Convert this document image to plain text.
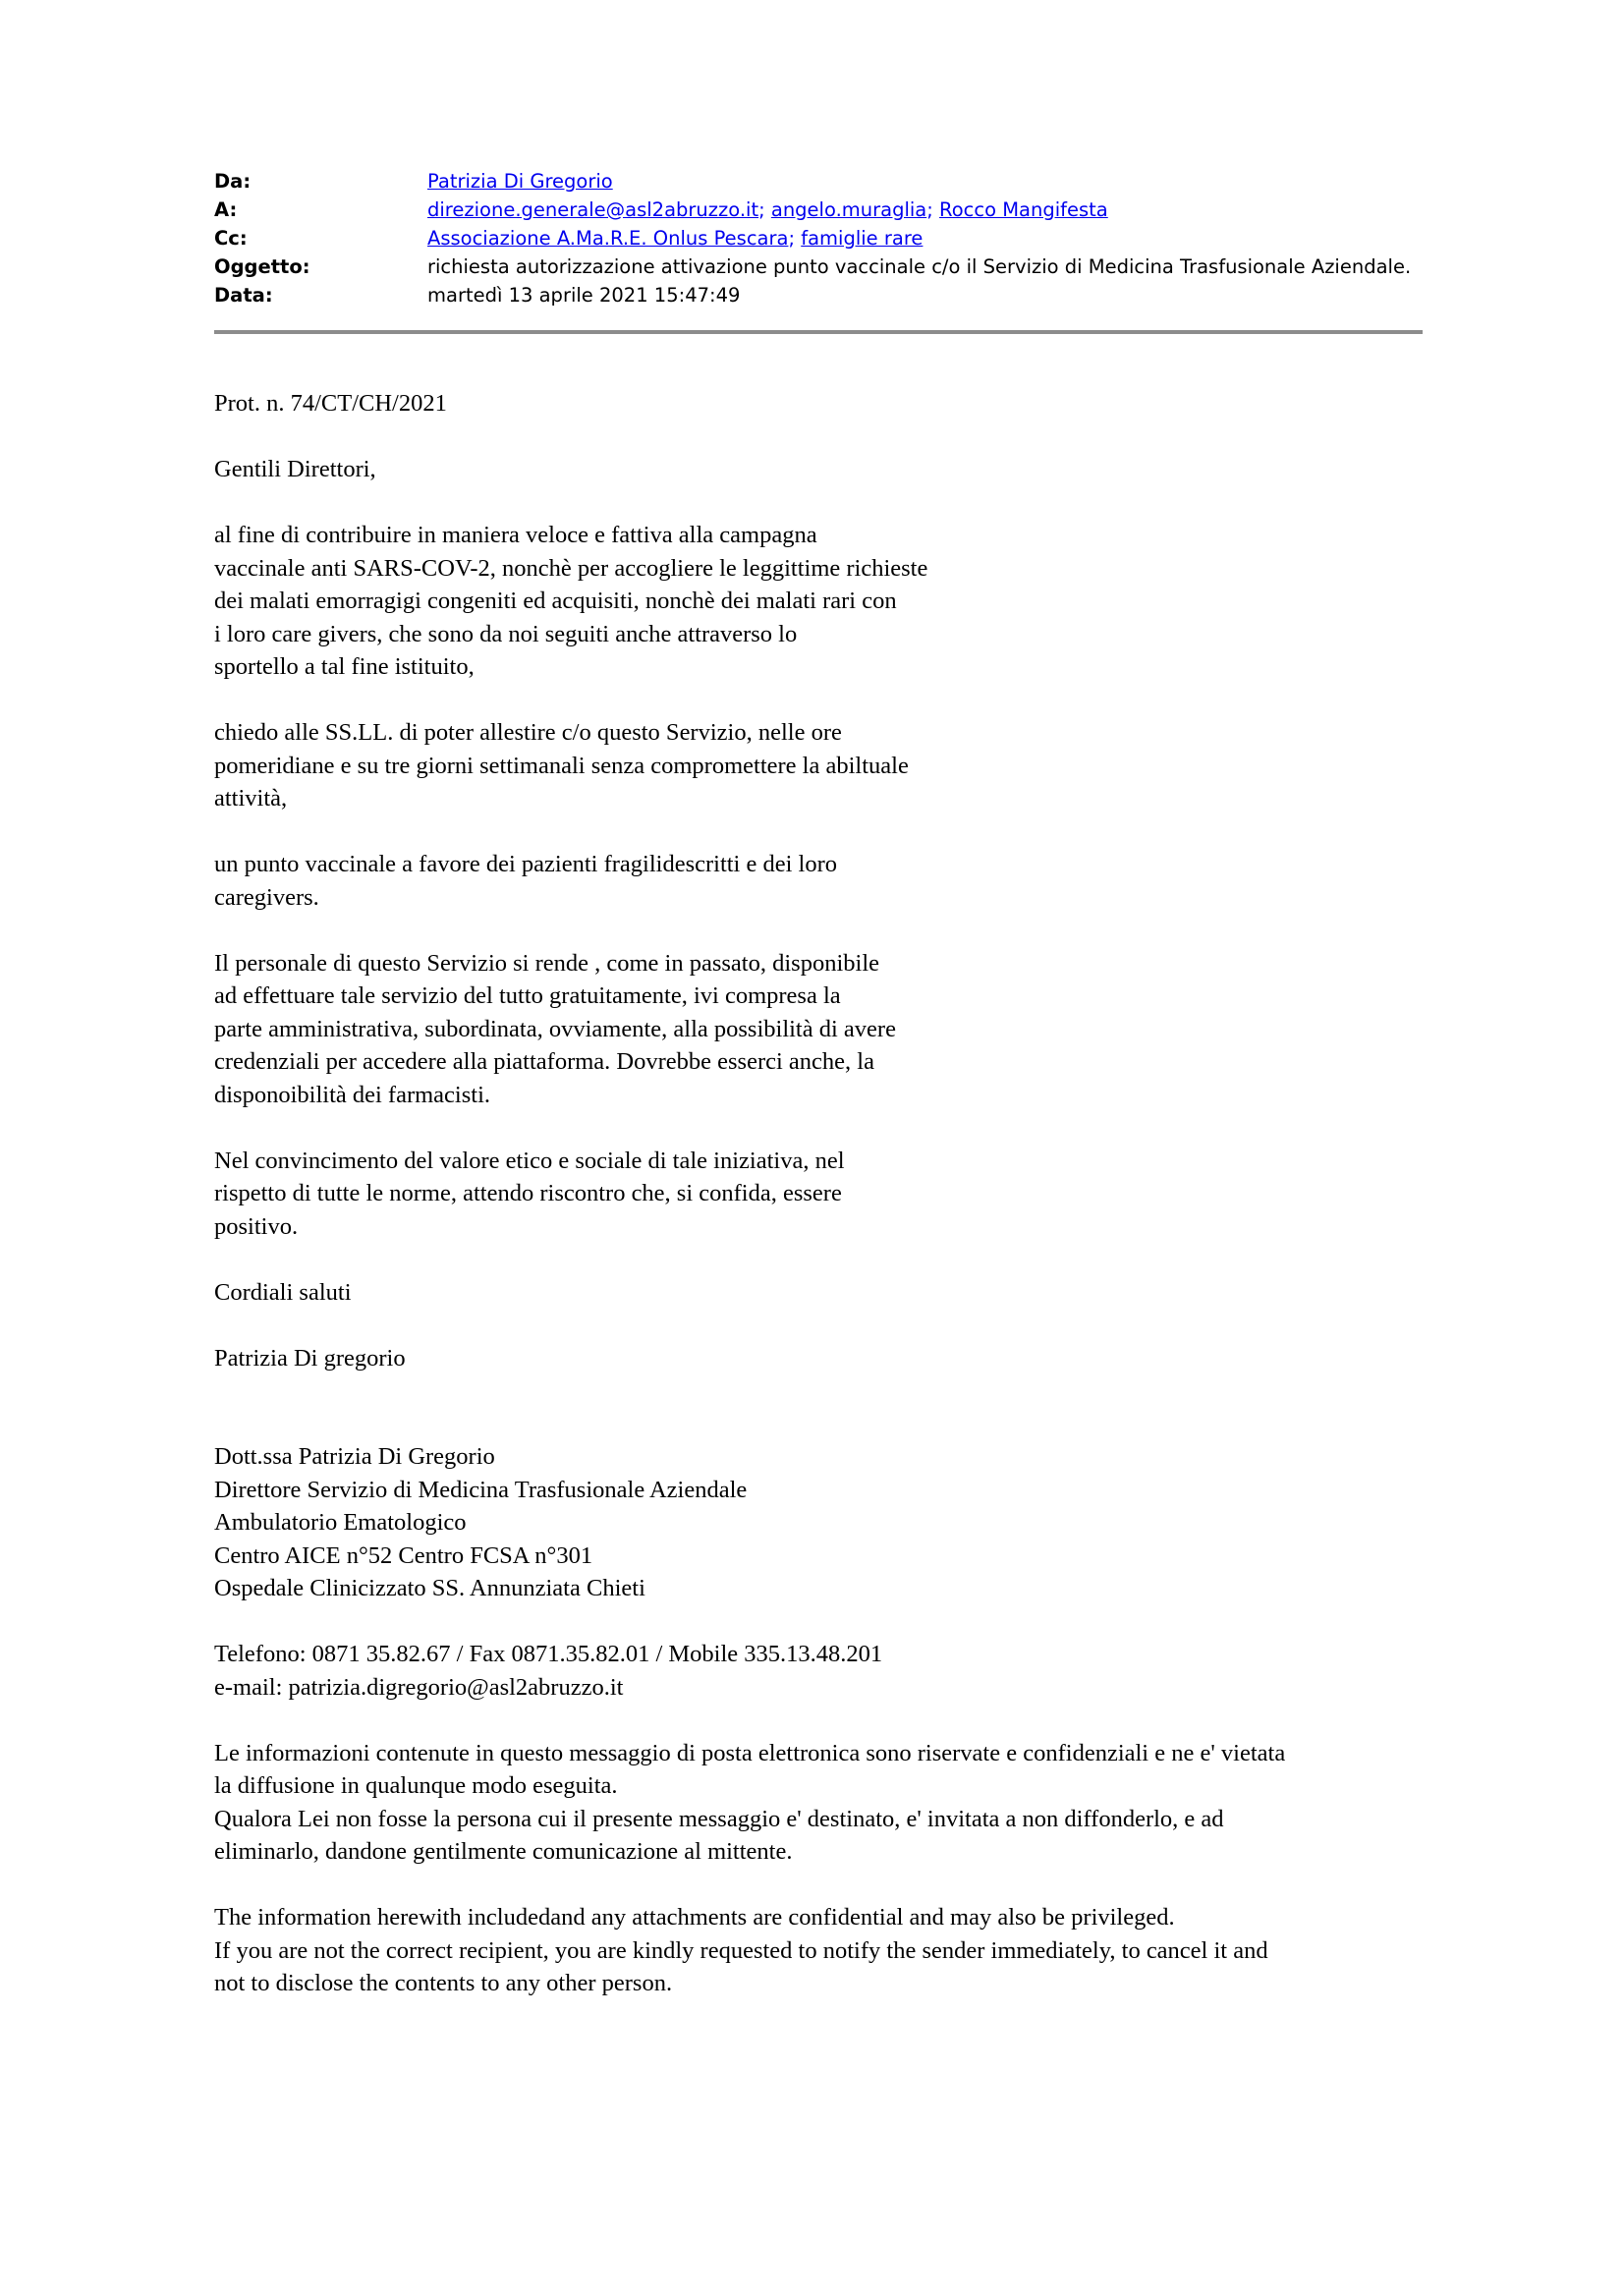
Da:	Patrizia Di Gregorio
A:	direzione.generale@asl2abruzzo.it; angelo.muraglia; Rocco Mangifesta
Cc:	Associazione A.Ma.R.E. Onlus Pescara; famiglie rare
Oggetto:	richiesta autorizzazione attivazione punto vaccinale c/o il Servizio di Medicina Trasfusionale Aziendale.
Data:	martedì 13 aprile 2021 15:47:49

Prot. n. 74/CT/CH/2021

Gentili Direttori,

al fine di contribuire in maniera veloce e fattiva alla campagna
vaccinale anti SARS-COV-2, nonchè per accogliere le leggittime richieste
dei malati emorragigi congeniti ed acquisiti, nonchè dei malati rari con
i loro care givers, che sono da noi seguiti anche attraverso lo
sportello a tal fine istituito,

chiedo alle SS.LL. di poter allestire c/o questo Servizio, nelle ore
pomeridiane e su tre giorni settimanali senza compromettere la abiltuale
attività,

un punto vaccinale a favore dei pazienti fragilidescritti e dei loro
caregivers.

Il personale di questo Servizio si rende , come in passato, disponibile
ad effettuare tale servizio del tutto gratuitamente, ivi compresa la
parte amministrativa, subordinata, ovviamente, alla possibilità di avere
credenziali per accedere alla piattaforma. Dovrebbe esserci anche, la
disponoibilità dei farmacisti.

Nel convincimento del valore etico e sociale di tale iniziativa, nel
rispetto di tutte le norme, attendo riscontro che, si confida, essere
positivo.

Cordiali saluti

Patrizia Di gregorio

Dott.ssa Patrizia Di Gregorio
Direttore Servizio di Medicina Trasfusionale Aziendale
Ambulatorio Ematologico
Centro AICE n°52 Centro FCSA n°301
Ospedale Clinicizzato SS. Annunziata Chieti

Telefono: 0871 35.82.67 / Fax 0871.35.82.01 / Mobile 335.13.48.201
e-mail: patrizia.digregorio@asl2abruzzo.it

Le informazioni contenute in questo messaggio di posta elettronica sono riservate e confidenziali e ne e' vietata
la diffusione in qualunque modo eseguita.
Qualora Lei non fosse la persona cui il presente messaggio e' destinato, e' invitata a non diffonderlo, e ad
eliminarlo, dandone gentilmente comunicazione al mittente.

The information herewith includedand any attachments are confidential and may also be privileged.
If you are not the correct recipient, you are kindly requested to notify the sender immediately, to cancel it and
not to disclose the contents to any other person.
